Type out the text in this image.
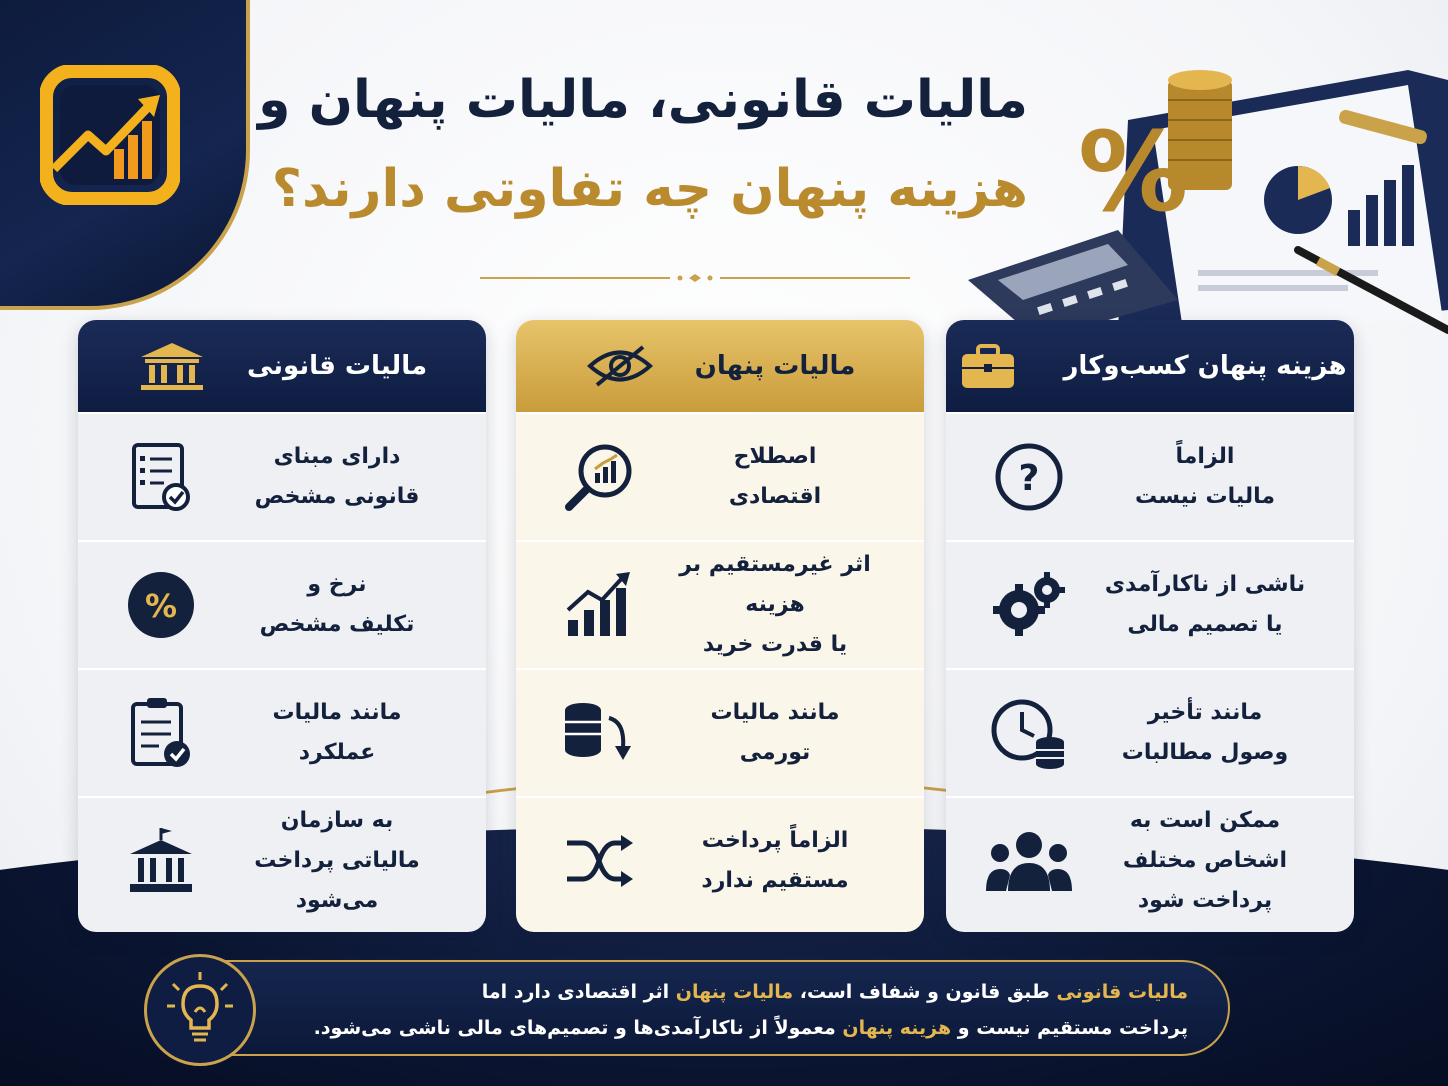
مالیات قانونی، مالیات پنهان و
هزینه پنهان چه تفاوتی دارند؟ %
مالیات قانونی
دارای مبنای
قانونی مشخص
نرخ و
تکلیف مشخص
%
مانند مالیات
عملکرد
به سازمان
مالیاتی پرداخت می‌شود
مالیات پنهان
اصطلاح
اقتصادی
اثر غیرمستقیم بر هزینه
یا قدرت خرید
مانند مالیات
تورمی
الزاماً پرداخت
مستقیم ندارد
هزینه پنهان کسب‌وکار
الزاماً
مالیات نیست
?
ناشی از ناکارآمدی
یا تصمیم مالی
مانند تأخیر
وصول مطالبات
ممکن است به
اشخاص مختلف
پرداخت شود
مالیات قانونی طبق قانون و شفاف است، مالیات پنهان اثر اقتصادی دارد اما
پرداخت مستقیم نیست و هزینه پنهان معمولاً از ناکارآمدی‌ها و تصمیم‌های مالی ناشی می‌شود.
